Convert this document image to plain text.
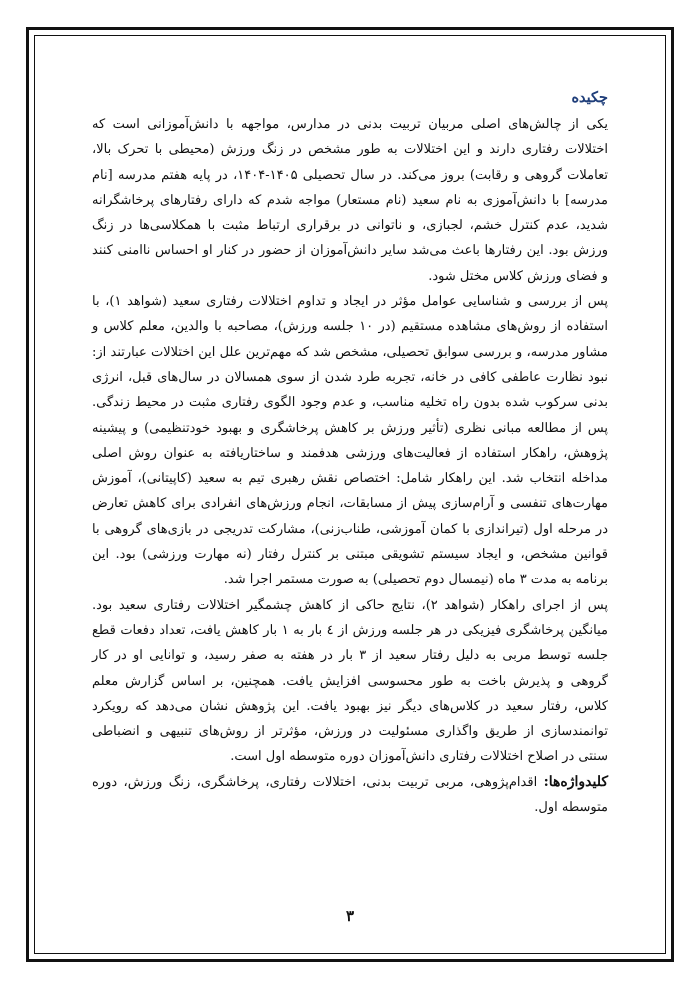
چکیده

یکی از چالش‌های اصلی مربیان تربیت بدنی در مدارس، مواجهه با دانش‌آموزانی است که اختلالات رفتاری دارند و این اختلالات به طور مشخص در زنگ ورزش (محیطی با تحرک بالا، تعاملات گروهی و رقابت) بروز می‌کند. در سال تحصیلی ۱۴۰۵-۱۴۰۴، در پایه هفتم مدرسه [نام مدرسه] با دانش‌آموزی به نام سعید (نام مستعار) مواجه شدم که دارای رفتارهای پرخاشگرانه شدید، عدم کنترل خشم، لجبازی، و ناتوانی در برقراری ارتباط مثبت با همکلاسی‌ها در زنگ ورزش بود. این رفتارها باعث می‌شد سایر دانش‌آموزان از حضور در کنار او احساس ناامنی کنند و فضای ورزش کلاس مختل شود.

پس از بررسی و شناسایی عوامل مؤثر در ایجاد و تداوم اختلالات رفتاری سعید (شواهد ۱)، با استفاده از روش‌های مشاهده مستقیم (در ۱۰ جلسه ورزش)، مصاحبه با والدین، معلم کلاس و مشاور مدرسه، و بررسی سوابق تحصیلی، مشخص شد که مهم‌ترین علل این اختلالات عبارتند از: نبود نظارت عاطفی کافی در خانه، تجربه طرد شدن از سوی همسالان در سال‌های قبل، انرژی بدنی سرکوب شده بدون راه تخلیه مناسب، و عدم وجود الگوی رفتاری مثبت در محیط زندگی. پس از مطالعه مبانی نظری (تأثیر ورزش بر کاهش پرخاشگری و بهبود خودتنظیمی) و پیشینه پژوهش، راهکار استفاده از فعالیت‌های ورزشی هدفمند و ساختاریافته به عنوان روش اصلی مداخله انتخاب شد. این راهکار شامل: اختصاص نقش رهبری تیم به سعید (کاپیتانی)، آموزش مهارت‌های تنفسی و آرام‌سازی پیش از مسابقات، انجام ورزش‌های انفرادی برای کاهش تعارض در مرحله اول (تیراندازی با کمان آموزشی، طناب‌زنی)، مشارکت تدریجی در بازی‌های گروهی با قوانین مشخص، و ایجاد سیستم تشویقی مبتنی بر کنترل رفتار (نه مهارت ورزشی) بود. این برنامه به مدت ۳ ماه (نیمسال دوم تحصیلی) به صورت مستمر اجرا شد.

پس از اجرای راهکار (شواهد ۲)، نتایج حاکی از کاهش چشمگیر اختلالات رفتاری سعید بود. میانگین پرخاشگری فیزیکی در هر جلسه ورزش از ٤ بار به ۱ بار کاهش یافت، تعداد دفعات قطع جلسه توسط مربی به دلیل رفتار سعید از ۳ بار در هفته به صفر رسید، و توانایی او در کار گروهی و پذیرش باخت به طور محسوسی افزایش یافت. همچنین، بر اساس گزارش معلم کلاس، رفتار سعید در کلاس‌های دیگر نیز بهبود یافت. این پژوهش نشان می‌دهد که رویکرد توانمندسازی از طریق واگذاری مسئولیت در ورزش، مؤثرتر از روش‌های تنبیهی و انضباطی سنتی در اصلاح اختلالات رفتاری دانش‌آموزان دوره متوسطه اول است.

کلیدواژه‌ها: اقدام‌پژوهی، مربی تربیت بدنی، اختلالات رفتاری، پرخاشگری، زنگ ورزش، دوره متوسطه اول.

۳
